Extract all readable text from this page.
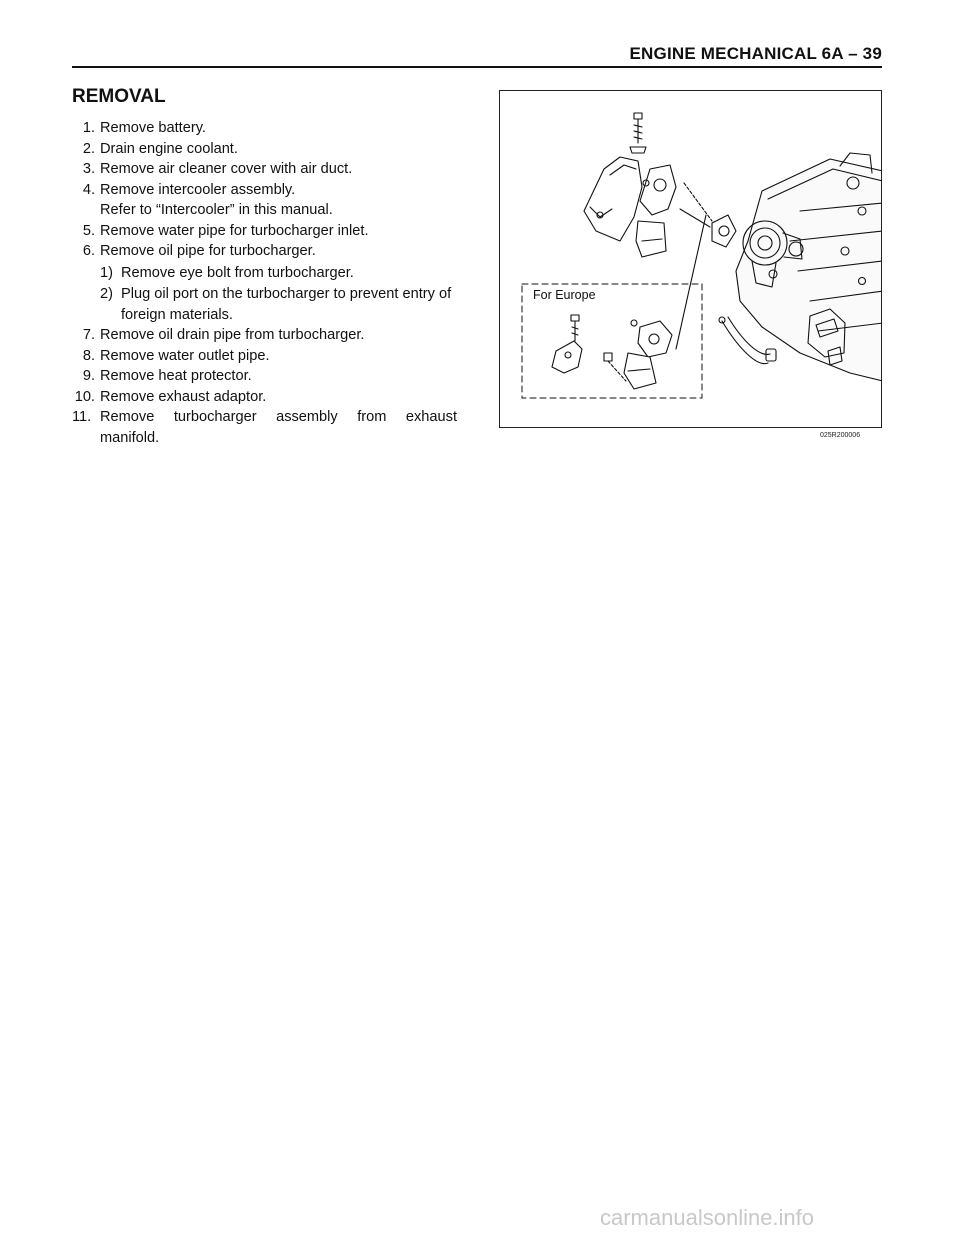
ENGINE MECHANICAL 6A – 39
REMOVAL
1. Remove battery.
2. Drain engine coolant.
3. Remove air cleaner cover with air duct.
4. Remove intercooler assembly.
Refer to “Intercooler” in this manual.
5. Remove water pipe for turbocharger inlet.
6. Remove oil pipe for turbocharger.
1) Remove eye bolt from turbocharger.
2) Plug oil port on the turbocharger to prevent entry of foreign materials.
7. Remove oil drain pipe from turbocharger.
8. Remove water outlet pipe.
9. Remove heat protector.
10. Remove exhaust adaptor.
11. Remove turbocharger assembly from exhaust manifold.
For Europe
025R200006
carmanualsonline.info
